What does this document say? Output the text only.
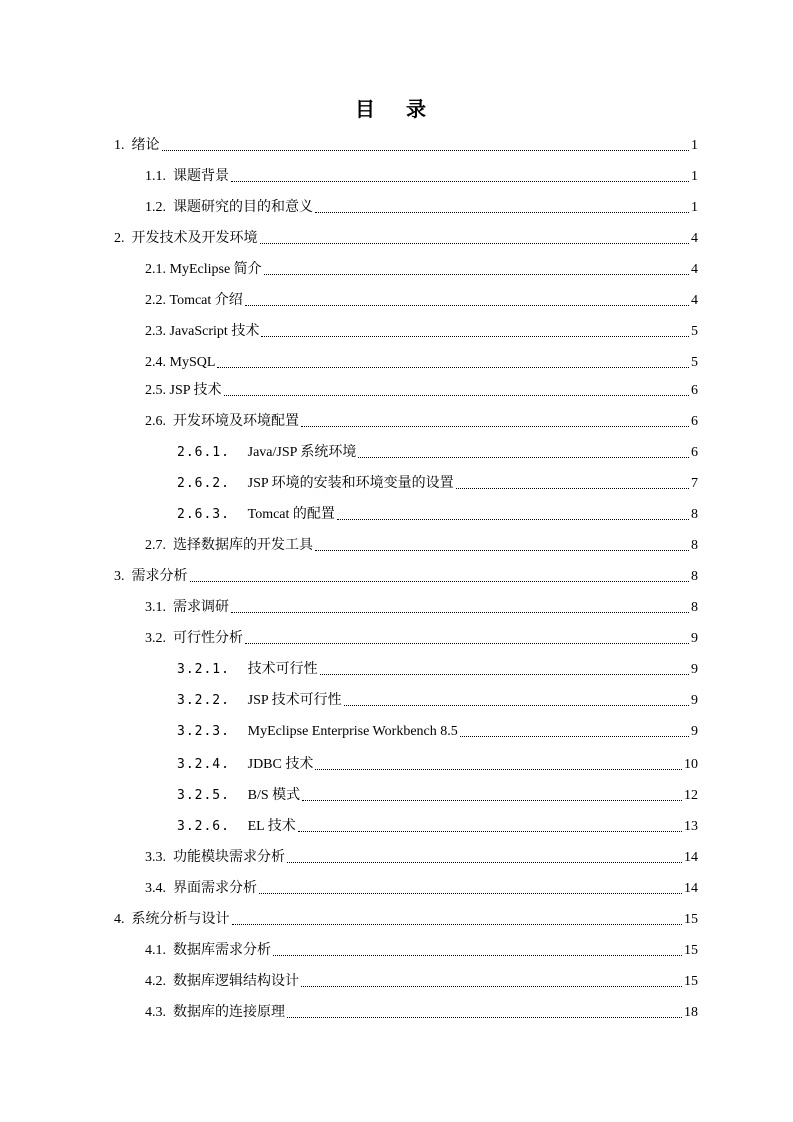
目 录
1. 绪论	1
1.1. 课题背景	1
1.2. 课题研究的目的和意义	1
2. 开发技术及开发环境	4
2.1. MyEclipse 简介	4
2.2. Tomcat 介绍	4
2.3. JavaScript 技术	5
2.4. MySQL	5
2.5. JSP 技术	6
2.6. 开发环境及环境配置	6
2.6.1. Java/JSP 系统环境	6
2.6.2. JSP 环境的安装和环境变量的设置	7
2.6.3. Tomcat 的配置	8
2.7. 选择数据库的开发工具	8
3. 需求分析	8
3.1. 需求调研	8
3.2. 可行性分析	9
3.2.1. 技术可行性	9
3.2.2. JSP 技术可行性	9
3.2.3. MyEclipse Enterprise Workbench 8.5	9
3.2.4. JDBC 技术	10
3.2.5. B/S 模式	12
3.2.6. EL 技术	13
3.3. 功能模块需求分析	14
3.4. 界面需求分析	14
4. 系统分析与设计	15
4.1. 数据库需求分析	15
4.2. 数据库逻辑结构设计	15
4.3. 数据库的连接原理	18
